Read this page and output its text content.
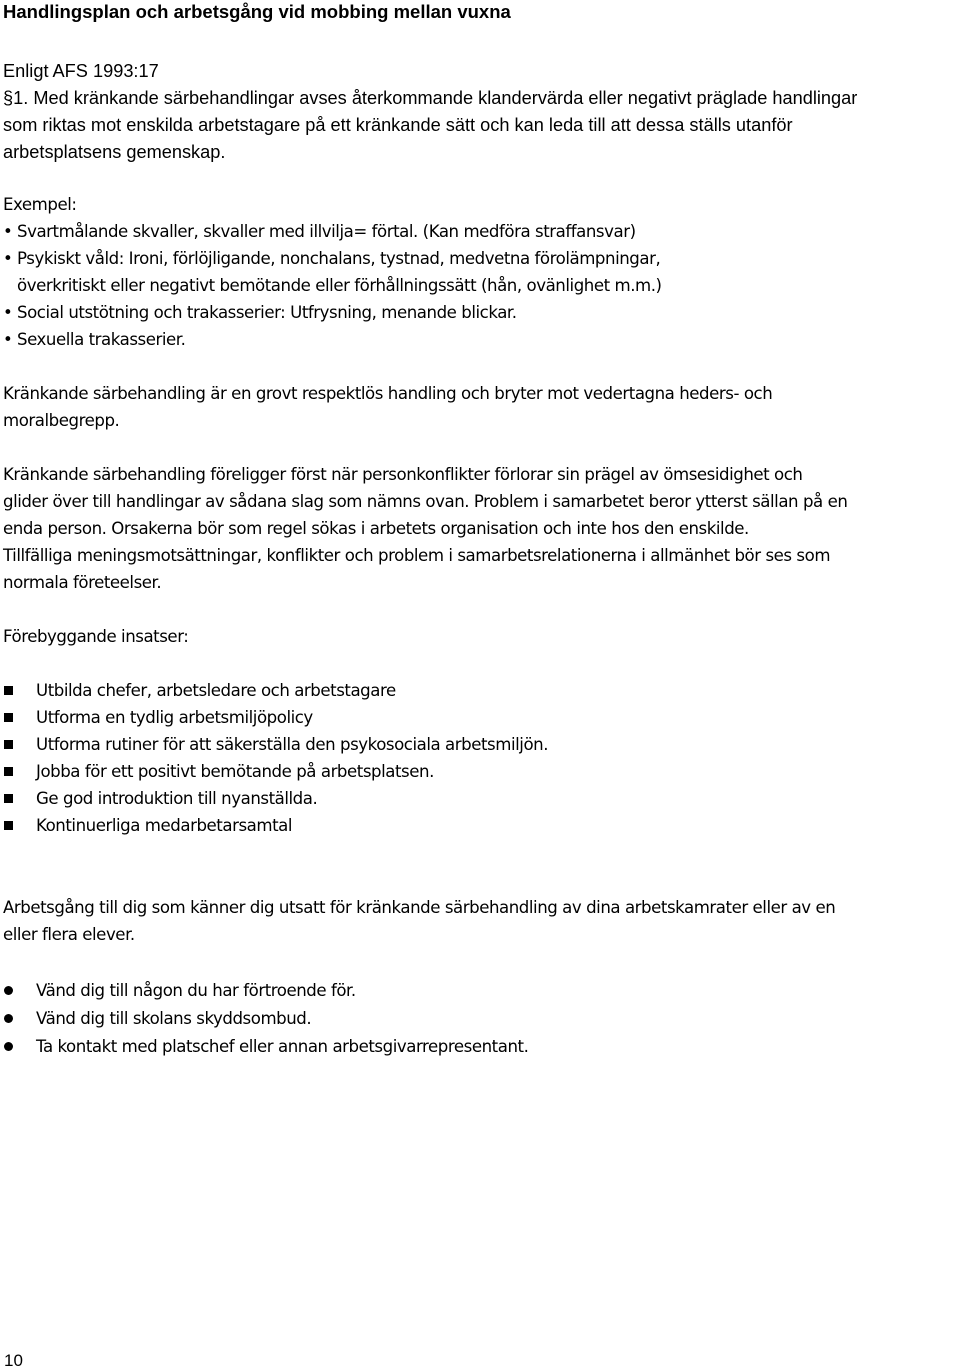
Handlingsplan och arbetsgång vid mobbing mellan vuxna
Enligt AFS 1993:17
§1. Med kränkande särbehandlingar avses återkommande klandervärda eller negativt präglade handlingar
som riktas mot enskilda arbetstagare på ett kränkande sätt och kan leda till att dessa ställs utanför
arbetsplatsens gemenskap.
Exempel:
• Svartmålande skvaller, skvaller med illvilja= förtal. (Kan medföra straffansvar)
• Psykiskt våld: Ironi, förlöjligande, nonchalans, tystnad, medvetna förolämpningar,
överkritiskt eller negativt bemötande eller förhållningssätt (hån, ovänlighet m.m.)
• Social utstötning och trakasserier: Utfrysning, menande blickar.
• Sexuella trakasserier.
Kränkande särbehandling är en grovt respektlös handling och bryter mot vedertagna heders- och
moralbegrepp.
Kränkande särbehandling föreligger först när personkonflikter förlorar sin prägel av ömsesidighet och
glider över till handlingar av sådana slag som nämns ovan. Problem i samarbetet beror ytterst sällan på en
enda person. Orsakerna bör som regel sökas i arbetets organisation och inte hos den enskilde.
Tillfälliga meningsmotsättningar, konflikter och problem i samarbetsrelationerna i allmänhet bör ses som
normala företeelser.
Förebyggande insatser:
Utbilda chefer, arbetsledare och arbetstagare
Utforma en tydlig arbetsmiljöpolicy
Utforma rutiner för att säkerställa den psykosociala arbetsmiljön.
Jobba för ett positivt bemötande på arbetsplatsen.
Ge god introduktion till nyanställda.
Kontinuerliga medarbetarsamtal
Arbetsgång till dig som känner dig utsatt för kränkande särbehandling av dina arbetskamrater eller av en
eller flera elever.
Vänd dig till någon du har förtroende för.
Vänd dig till skolans skyddsombud.
Ta kontakt med platschef eller annan arbetsgivarrepresentant.
10
